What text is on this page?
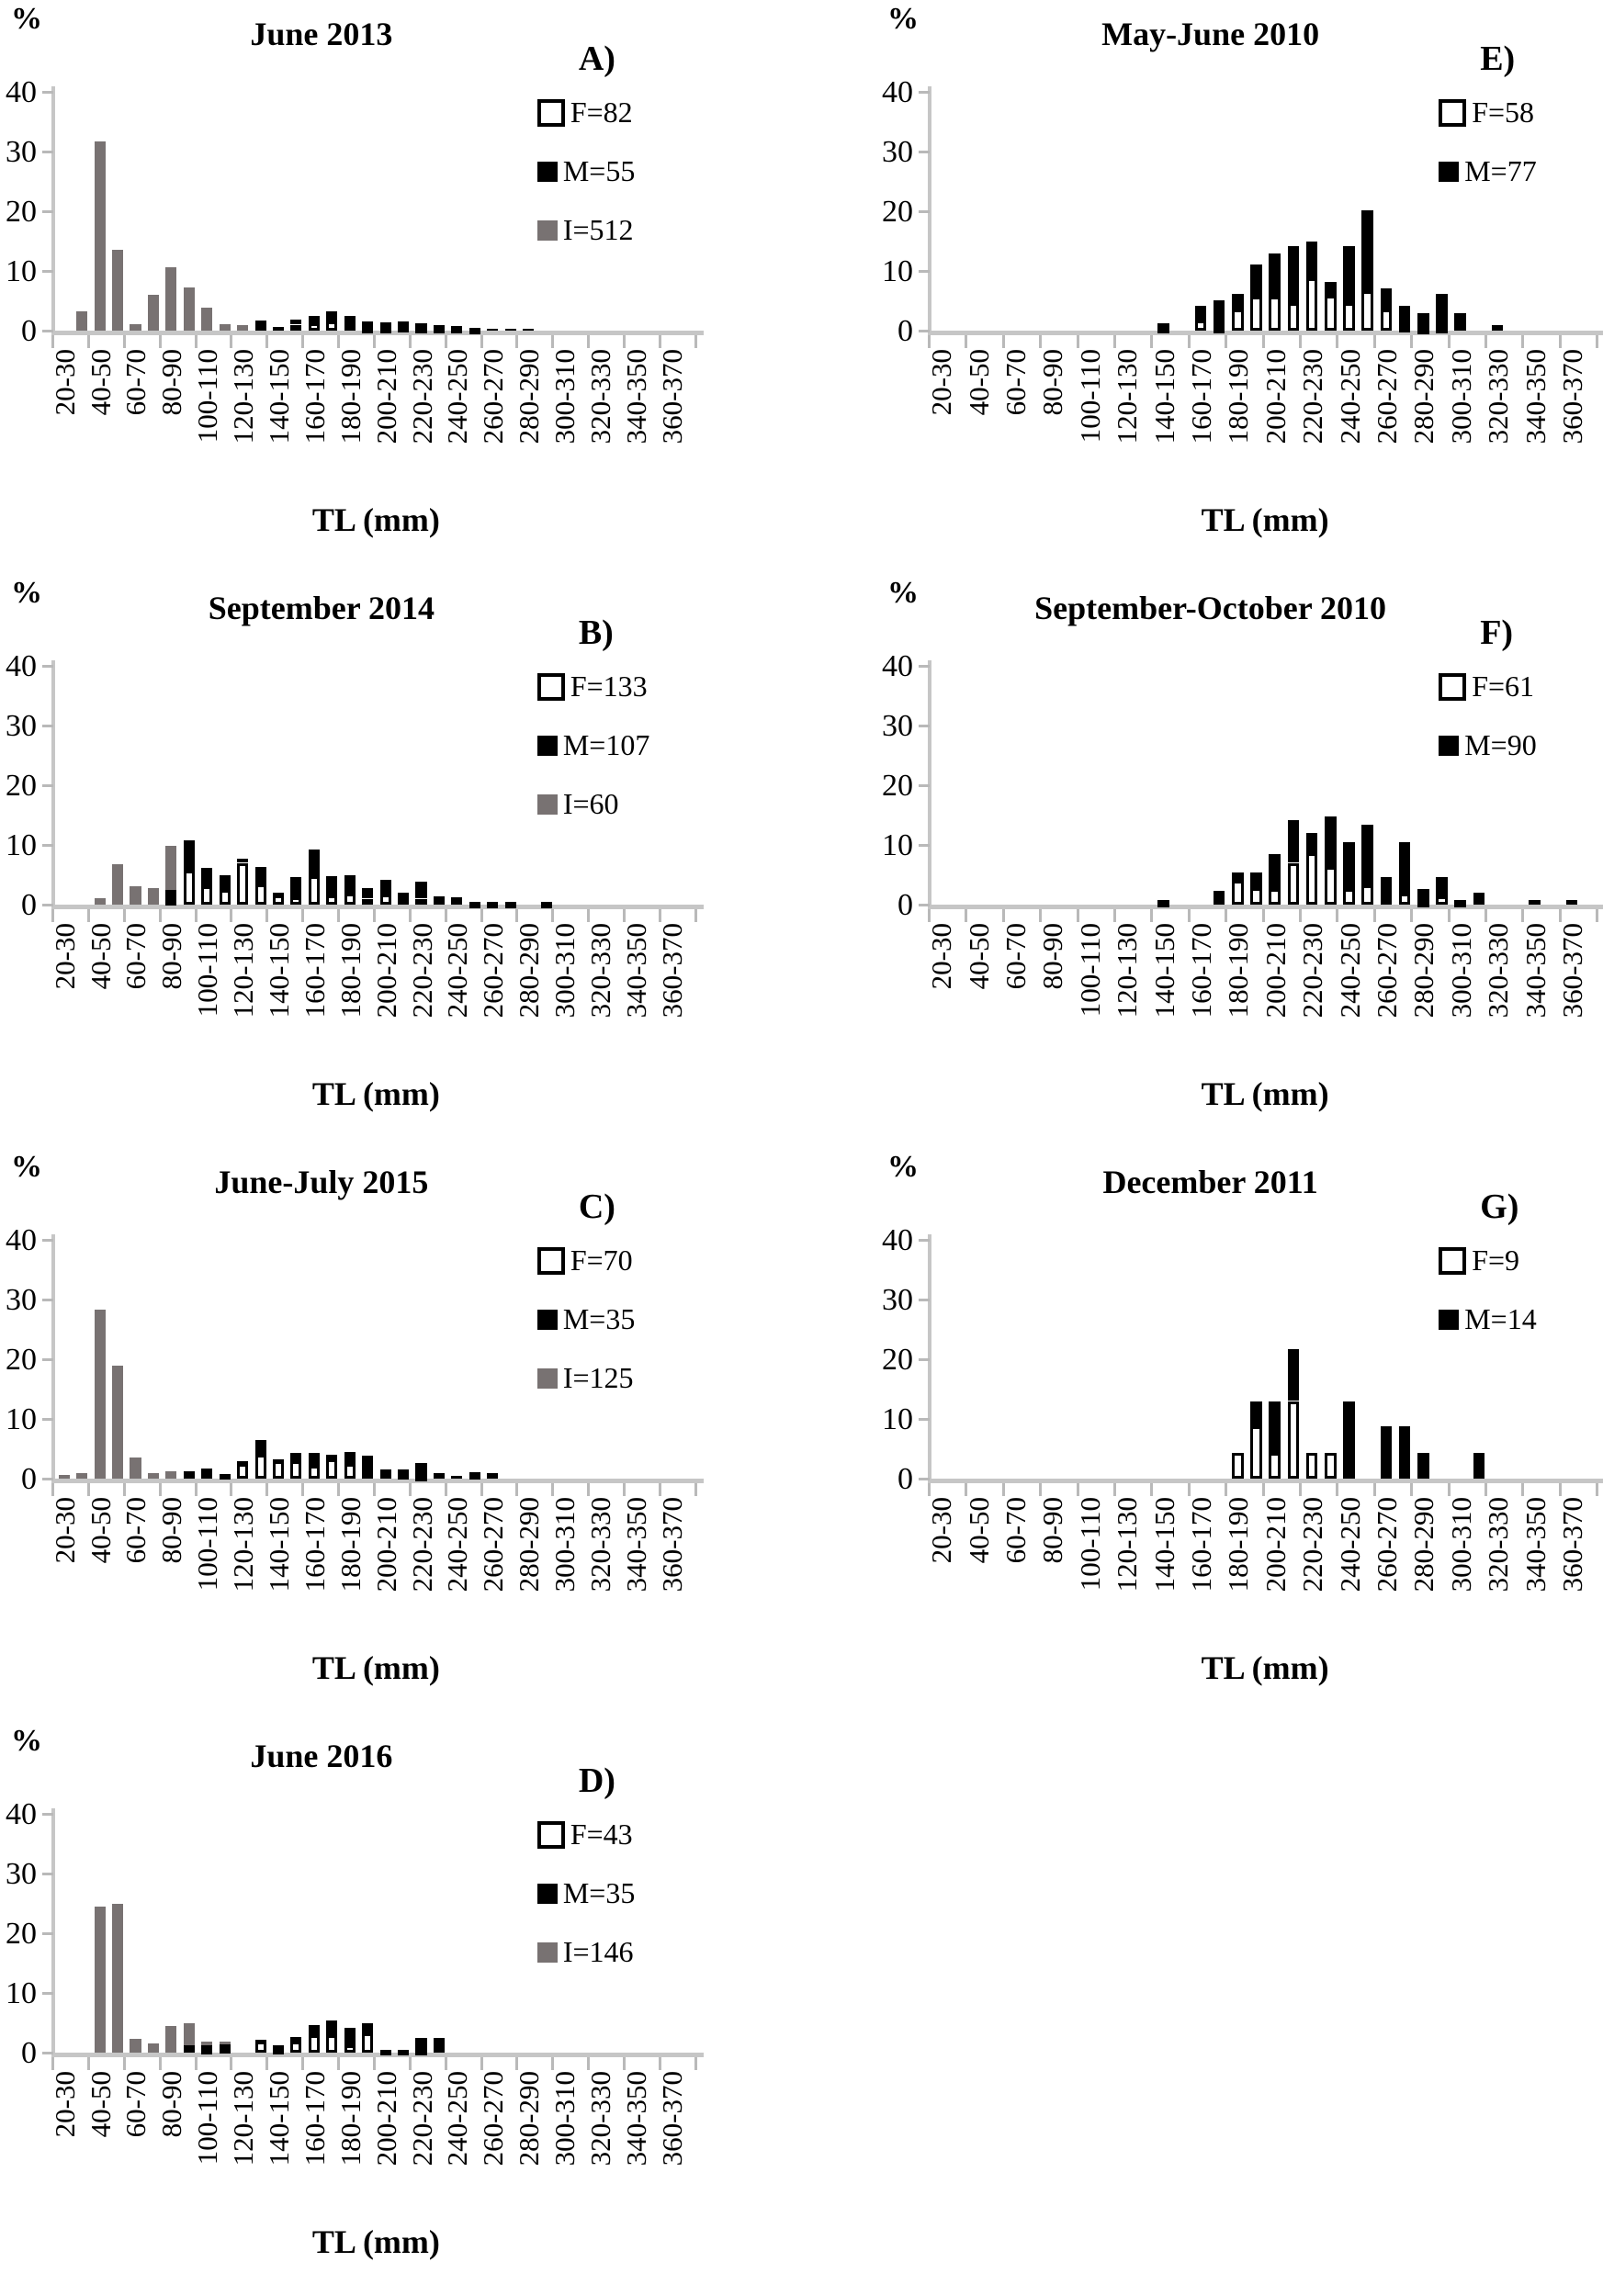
%	June 2013
A)
F=82
M=55
I=512
40
30
20
10
0
20-30 40-50 60-70 80-90 100-110 120-130 140-150 160-170 180-190 200-210 220-230 240-250 260-270 280-290 300-310 320-330 340-350 360-370
TL (mm)
%	September 2014
B)
F=133
M=107
I=60
40
30
20
10
0
20-30 40-50 60-70 80-90 100-110 120-130 140-150 160-170 180-190 200-210 220-230 240-250 260-270 280-290 300-310 320-330 340-350 360-370
TL (mm)
%	June-July 2015
C)
F=70
M=35
I=125
40
30
20
10
0
20-30 40-50 60-70 80-90 100-110 120-130 140-150 160-170 180-190 200-210 220-230 240-250 260-270 280-290 300-310 320-330 340-350 360-370
TL (mm)
%	June 2016
D)
F=43
M=35
I=146
40
30
20
10
0
20-30 40-50 60-70 80-90 100-110 120-130 140-150 160-170 180-190 200-210 220-230 240-250 260-270 280-290 300-310 320-330 340-350 360-370
TL (mm)
%	May-June 2010
E)
F=58
M=77
40
30
20
10
0
20-30 40-50 60-70 80-90 100-110 120-130 140-150 160-170 180-190 200-210 220-230 240-250 260-270 280-290 300-310 320-330 340-350 360-370
TL (mm)
%	September-October 2010
F)
F=61
M=90
40
30
20
10
0
20-30 40-50 60-70 80-90 100-110 120-130 140-150 160-170 180-190 200-210 220-230 240-250 260-270 280-290 300-310 320-330 340-350 360-370
TL (mm)
%	December 2011
G)
F=9
M=14
40
30
20
10
0
20-30 40-50 60-70 80-90 100-110 120-130 140-150 160-170 180-190 200-210 220-230 240-250 260-270 280-290 300-310 320-330 340-350 360-370
TL (mm)
